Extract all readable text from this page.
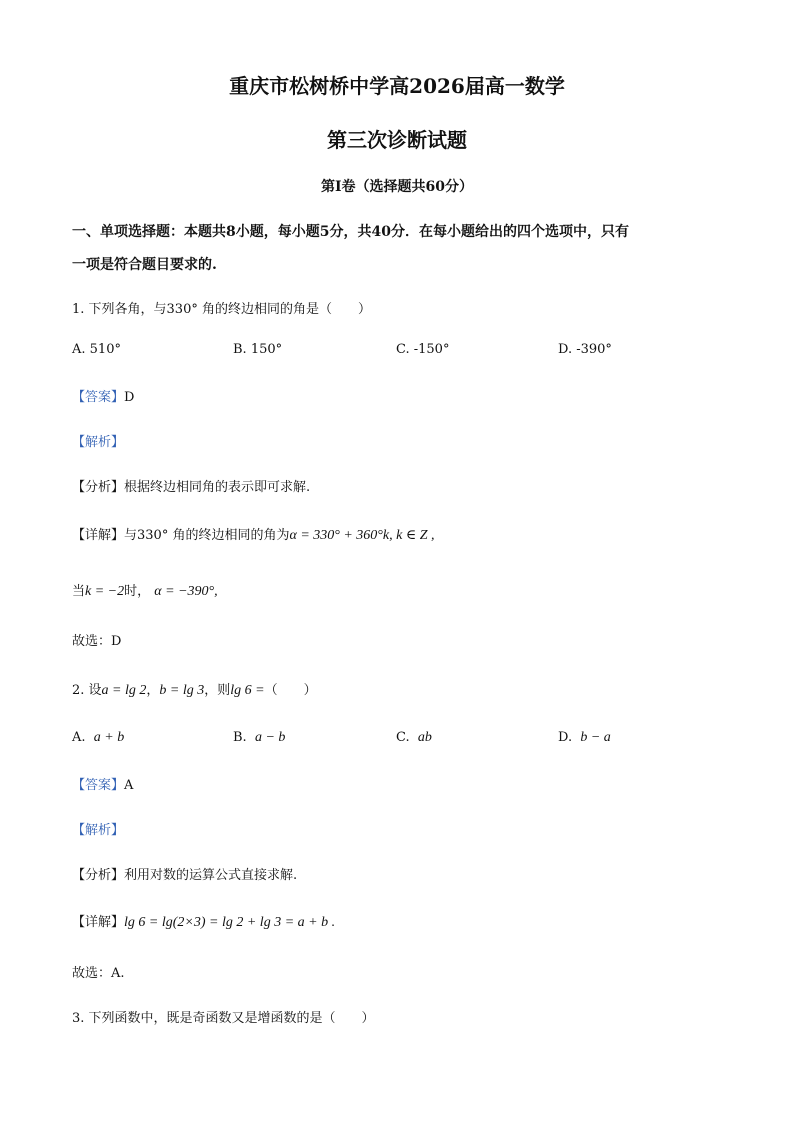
重庆市松树桥中学高2026届高一数学
第三次诊断试题
第Ⅰ卷（选择题共60分）
一、单项选择题：本题共8小题，每小题5分，共40分．在每小题给出的四个选项中，只有
一项是符合题目要求的.
1. 下列各角，与330° 角的终边相同的角是（　　）
A. 510°	B. 150°	C. -150°	D. -390°
【答案】D
【解析】
【分析】根据终边相同角的表示即可求解.
【详解】与330° 角的终边相同的角为α = 330° + 360°k, k ∈ Z ,
当k = −2时， α = −390°,
故选：D
2. 设a = lg 2，b = lg 3，则lg 6 =（　　）
A. a + b	B. a − b	C. ab	D. b − a
【答案】A
【解析】
【分析】利用对数的运算公式直接求解.
【详解】lg 6 = lg(2×3) = lg 2 + lg 3 = a + b .
故选：A.
3. 下列函数中，既是奇函数又是增函数的是（　　）
